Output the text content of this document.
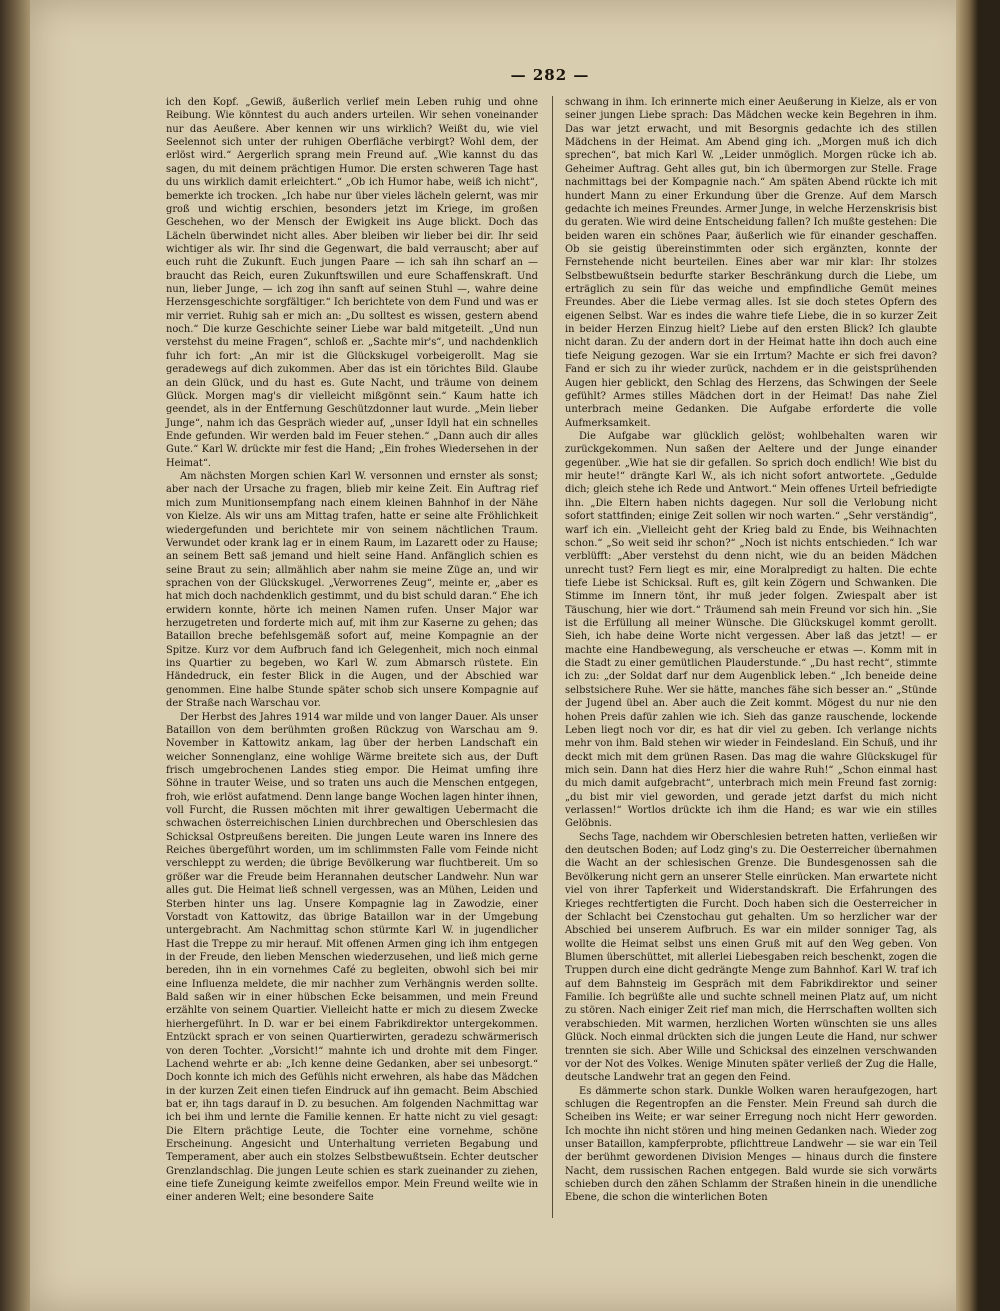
— 282 —

ich den Kopf. „Gewiß, äußerlich verlief mein Leben ruhig und ohne Reibung. Wie könntest du auch anders urteilen. Wir sehen voneinander nur das Aeußere. Aber kennen wir uns wirklich? Weißt du, wie viel Seelennot sich unter der ruhigen Oberfläche verbirgt? Wohl dem, der erlöst wird.“ Aergerlich sprang mein Freund auf. „Wie kannst du das sagen, du mit deinem prächtigen Humor. Die ersten schweren Tage hast du uns wirklich damit erleichtert.“ „Ob ich Humor habe, weiß ich nicht“, bemerkte ich trocken. „Ich habe nur über vieles lächeln gelernt, was mir groß und wichtig erschien, besonders jetzt im Kriege, im großen Geschehen, wo der Mensch der Ewigkeit ins Auge blickt. Doch das Lächeln überwindet nicht alles. Aber bleiben wir lieber bei dir. Ihr seid wichtiger als wir. Ihr sind die Gegenwart, die bald verrauscht; aber auf euch ruht die Zukunft. Euch jungen Paare — ich sah ihn scharf an — braucht das Reich, euren Zukunftswillen und eure Schaffenskraft. Und nun, lieber Junge, — ich zog ihn sanft auf seinen Stuhl —, wahre deine Herzensgeschichte sorgfältiger.“ Ich berichtete von dem Fund und was er mir verriet. Ruhig sah er mich an: „Du solltest es wissen, gestern abend noch.“ Die kurze Geschichte seiner Liebe war bald mitgeteilt. „Und nun verstehst du meine Fragen“, schloß er. „Sachte mir's“, und nachdenklich fuhr ich fort: „An mir ist die Glückskugel vorbeigerollt. Mag sie geradewegs auf dich zukommen. Aber das ist ein törichtes Bild. Glaube an dein Glück, und du hast es. Gute Nacht, und träume von deinem Glück. Morgen mag's dir vielleicht mißgönnt sein.“ Kaum hatte ich geendet, als in der Entfernung Geschützdonner laut wurde. „Mein lieber Junge“, nahm ich das Gespräch wieder auf, „unser Idyll hat ein schnelles Ende gefunden. Wir werden bald im Feuer stehen.“ „Dann auch dir alles Gute.“ Karl W. drückte mir fest die Hand; „Ein frohes Wiedersehen in der Heimat“.

Am nächsten Morgen schien Karl W. versonnen und ernster als sonst; aber nach der Ursache zu fragen, blieb mir keine Zeit. Ein Auftrag rief mich zum Munitionsempfang nach einem kleinen Bahnhof in der Nähe von Kielze. Als wir uns am Mittag trafen, hatte er seine alte Fröhlichkeit wiedergefunden und berichtete mir von seinem nächtlichen Traum. Verwundet oder krank lag er in einem Raum, im Lazarett oder zu Hause; an seinem Bett saß jemand und hielt seine Hand. Anfänglich schien es seine Braut zu sein; allmählich aber nahm sie meine Züge an, und wir sprachen von der Glückskugel. „Verworrenes Zeug“, meinte er, „aber es hat mich doch nachdenklich gestimmt, und du bist schuld daran.“ Ehe ich erwidern konnte, hörte ich meinen Namen rufen. Unser Major war herzugetreten und forderte mich auf, mit ihm zur Kaserne zu gehen; das Bataillon breche befehlsgemäß sofort auf, meine Kompagnie an der Spitze. Kurz vor dem Aufbruch fand ich Gelegenheit, mich noch einmal ins Quartier zu begeben, wo Karl W. zum Abmarsch rüstete. Ein Händedruck, ein fester Blick in die Augen, und der Abschied war genommen. Eine halbe Stunde später schob sich unsere Kompagnie auf der Straße nach Warschau vor.

Der Herbst des Jahres 1914 war milde und von langer Dauer. Als unser Bataillon von dem berühmten großen Rückzug von Warschau am 9. November in Kattowitz ankam, lag über der herben Landschaft ein weicher Sonnenglanz, eine wohlige Wärme breitete sich aus, der Duft frisch umgebrochenen Landes stieg empor. Die Heimat umfing ihre Söhne in trauter Weise, und so traten uns auch die Menschen entgegen, froh, wie erlöst aufatmend. Denn lange bange Wochen lagen hinter ihnen, voll Furcht, die Russen möchten mit ihrer gewaltigen Uebermacht die schwachen österreichischen Linien durchbrechen und Oberschlesien das Schicksal Ostpreußens bereiten. Die jungen Leute waren ins Innere des Reiches übergeführt worden, um im schlimmsten Falle vom Feinde nicht verschleppt zu werden; die übrige Bevölkerung war fluchtbereit. Um so größer war die Freude beim Herannahen deutscher Landwehr. Nun war alles gut. Die Heimat ließ schnell vergessen, was an Mühen, Leiden und Sterben hinter uns lag. Unsere Kompagnie lag in Zawodzie, einer Vorstadt von Kattowitz, das übrige Bataillon war in der Umgebung untergebracht. Am Nachmittag schon stürmte Karl W. in jugendlicher Hast die Treppe zu mir herauf. Mit offenen Armen ging ich ihm entgegen in der Freude, den lieben Menschen wiederzusehen, und ließ mich gerne bereden, ihn in ein vornehmes Café zu begleiten, obwohl sich bei mir eine Influenza meldete, die mir nachher zum Verhängnis werden sollte. Bald saßen wir in einer hübschen Ecke beisammen, und mein Freund erzählte von seinem Quartier. Vielleicht hatte er mich zu diesem Zwecke hierhergeführt. In D. war er bei einem Fabrikdirektor untergekommen. Entzückt sprach er von seinen Quartierwirten, geradezu schwärmerisch von deren Tochter. „Vorsicht!“ mahnte ich und drohte mit dem Finger. Lachend wehrte er ab: „Ich kenne deine Gedanken, aber sei unbesorgt.“ Doch konnte ich mich des Gefühls nicht erwehren, als habe das Mädchen in der kurzen Zeit einen tiefen Eindruck auf ihn gemacht. Beim Abschied bat er, ihn tags darauf in D. zu besuchen. Am folgenden Nachmittag war ich bei ihm und lernte die Familie kennen. Er hatte nicht zu viel gesagt: Die Eltern prächtige Leute, die Tochter eine vornehme, schöne Erscheinung. Angesicht und Unterhaltung verrieten Begabung und Temperament, aber auch ein stolzes Selbstbewußtsein. Echter deutscher Grenzlandschlag. Die jungen Leute schien es stark zueinander zu ziehen, eine tiefe Zuneigung keimte zweifellos empor. Mein Freund weilte wie in einer anderen Welt; eine besondere Saite

schwang in ihm. Ich erinnerte mich einer Aeußerung in Kielze, als er von seiner jungen Liebe sprach: Das Mädchen wecke kein Begehren in ihm. Das war jetzt erwacht, und mit Besorgnis gedachte ich des stillen Mädchens in der Heimat. Am Abend ging ich. „Morgen muß ich dich sprechen“, bat mich Karl W. „Leider unmöglich. Morgen rücke ich ab. Geheimer Auftrag. Geht alles gut, bin ich übermorgen zur Stelle. Frage nachmittags bei der Kompagnie nach.“ Am späten Abend rückte ich mit hundert Mann zu einer Erkundung über die Grenze. Auf dem Marsch gedachte ich meines Freundes. Armer Junge, in welche Herzenskrisis bist du geraten. Wie wird deine Entscheidung fallen? Ich mußte gestehen: Die beiden waren ein schönes Paar, äußerlich wie für einander geschaffen. Ob sie geistig übereinstimmten oder sich ergänzten, konnte der Fernstehende nicht beurteilen. Eines aber war mir klar: Ihr stolzes Selbstbewußtsein bedurfte starker Beschränkung durch die Liebe, um erträglich zu sein für das weiche und empfindliche Gemüt meines Freundes. Aber die Liebe vermag alles. Ist sie doch stetes Opfern des eigenen Selbst. War es indes die wahre tiefe Liebe, die in so kurzer Zeit in beider Herzen Einzug hielt? Liebe auf den ersten Blick? Ich glaubte nicht daran. Zu der andern dort in der Heimat hatte ihn doch auch eine tiefe Neigung gezogen. War sie ein Irrtum? Machte er sich frei davon? Fand er sich zu ihr wieder zurück, nachdem er in die geistsprühenden Augen hier geblickt, den Schlag des Herzens, das Schwingen der Seele gefühlt? Armes stilles Mädchen dort in der Heimat! Das nahe Ziel unterbrach meine Gedanken. Die Aufgabe erforderte die volle Aufmerksamkeit.

Die Aufgabe war glücklich gelöst; wohlbehalten waren wir zurückgekommen. Nun saßen der Aeltere und der Junge einander gegenüber. „Wie hat sie dir gefallen. So sprich doch endlich! Wie bist du mir heute!“ drängte Karl W., als ich nicht sofort antwortete. „Gedulde dich; gleich stehe ich Rede und Antwort.“ Mein offenes Urteil befriedigte ihn. „Die Eltern haben nichts dagegen. Nur soll die Verlobung nicht sofort stattfinden; einige Zeit sollen wir noch warten.“ „Sehr verständig“, warf ich ein. „Vielleicht geht der Krieg bald zu Ende, bis Weihnachten schon.“ „So weit seid ihr schon?“ „Noch ist nichts entschieden.“ Ich war verblüfft: „Aber verstehst du denn nicht, wie du an beiden Mädchen unrecht tust? Fern liegt es mir, eine Moralpredigt zu halten. Die echte tiefe Liebe ist Schicksal. Ruft es, gilt kein Zögern und Schwanken. Die Stimme im Innern tönt, ihr muß jeder folgen. Zwiespalt aber ist Täuschung, hier wie dort.“ Träumend sah mein Freund vor sich hin. „Sie ist die Erfüllung all meiner Wünsche. Die Glückskugel kommt gerollt. Sieh, ich habe deine Worte nicht vergessen. Aber laß das jetzt! — er machte eine Handbewegung, als verscheuche er etwas —. Komm mit in die Stadt zu einer gemütlichen Plauderstunde.“ „Du hast recht“, stimmte ich zu: „der Soldat darf nur dem Augenblick leben.“ „Ich beneide deine selbstsichere Ruhe. Wer sie hätte, manches fähe sich besser an.“ „Stünde der Jugend übel an. Aber auch die Zeit kommt. Mögest du nur nie den hohen Preis dafür zahlen wie ich. Sieh das ganze rauschende, lockende Leben liegt noch vor dir, es hat dir viel zu geben. Ich verlange nichts mehr von ihm. Bald stehen wir wieder in Feindesland. Ein Schuß, und ihr deckt mich mit dem grünen Rasen. Das mag die wahre Glückskugel für mich sein. Dann hat dies Herz hier die wahre Ruh!“ „Schon einmal hast du mich damit aufgebracht“, unterbrach mich mein Freund fast zornig: „du bist mir viel geworden, und gerade jetzt darfst du mich nicht verlassen!“ Wortlos drückte ich ihm die Hand; es war wie ein stilles Gelöbnis.

Sechs Tage, nachdem wir Oberschlesien betreten hatten, verließen wir den deutschen Boden; auf Lodz ging's zu. Die Oesterreicher übernahmen die Wacht an der schlesischen Grenze. Die Bundesgenossen sah die Bevölkerung nicht gern an unserer Stelle einrücken. Man erwartete nicht viel von ihrer Tapferkeit und Widerstandskraft. Die Erfahrungen des Krieges rechtfertigten die Furcht. Doch haben sich die Oesterreicher in der Schlacht bei Czenstochau gut gehalten. Um so herzlicher war der Abschied bei unserem Aufbruch. Es war ein milder sonniger Tag, als wollte die Heimat selbst uns einen Gruß mit auf den Weg geben. Von Blumen überschüttet, mit allerlei Liebesgaben reich beschenkt, zogen die Truppen durch eine dicht gedrängte Menge zum Bahnhof. Karl W. traf ich auf dem Bahnsteig im Gespräch mit dem Fabrikdirektor und seiner Familie. Ich begrüßte alle und suchte schnell meinen Platz auf, um nicht zu stören. Nach einiger Zeit rief man mich, die Herrschaften wollten sich verabschieden. Mit warmen, herzlichen Worten wünschten sie uns alles Glück. Noch einmal drückten sich die jungen Leute die Hand, nur schwer trennten sie sich. Aber Wille und Schicksal des einzelnen verschwanden vor der Not des Volkes. Wenige Minuten später verließ der Zug die Halle, deutsche Landwehr trat an gegen den Feind.

Es dämmerte schon stark. Dunkle Wolken waren heraufgezogen, hart schlugen die Regentropfen an die Fenster. Mein Freund sah durch die Scheiben ins Weite; er war seiner Erregung noch nicht Herr geworden. Ich mochte ihn nicht stören und hing meinen Gedanken nach. Wieder zog unser Bataillon, kampferprobte, pflichttreue Landwehr — sie war ein Teil der berühmt gewordenen Division Menges — hinaus durch die finstere Nacht, dem russischen Rachen entgegen. Bald wurde sie sich vorwärts schieben durch den zähen Schlamm der Straßen hinein in die unendliche Ebene, die schon die winterlichen Boten
